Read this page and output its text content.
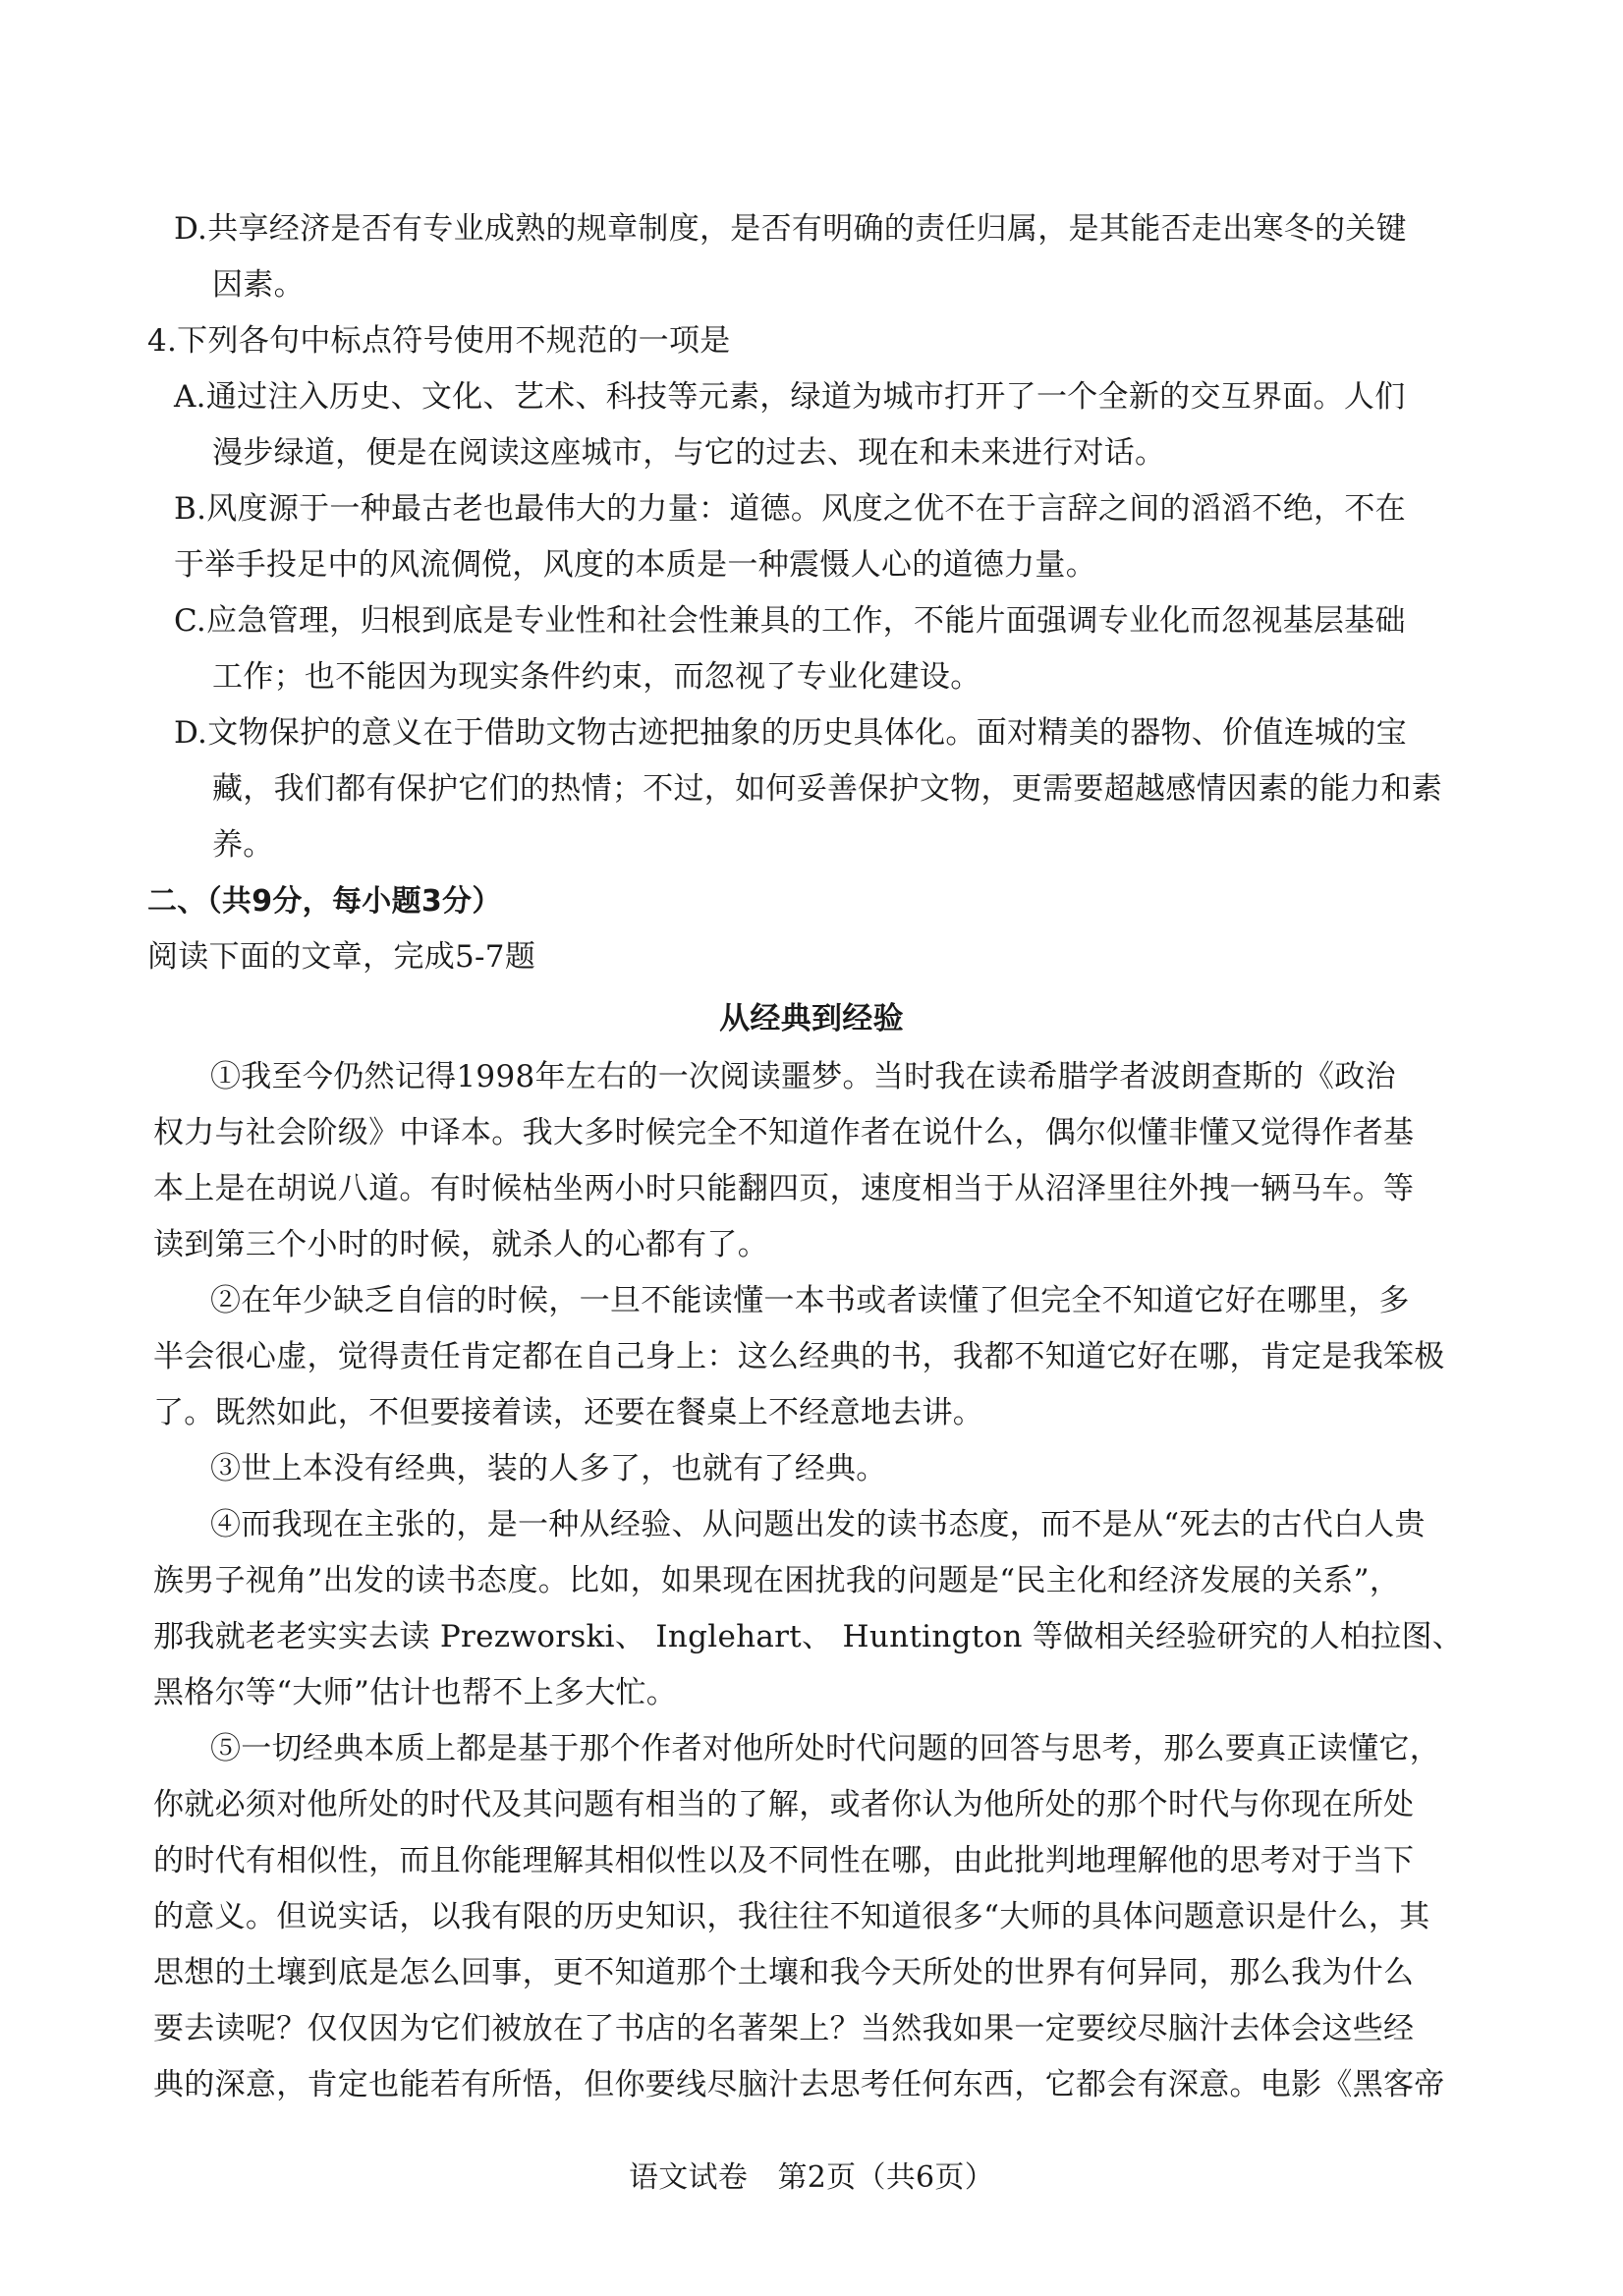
D.共享经济是否有专业成熟的规章制度，是否有明确的责任归属，是其能否走出寒冬的关键
因素。
4.下列各句中标点符号使用不规范的一项是
A.通过注入历史、文化、艺术、科技等元素，绿道为城市打开了一个全新的交互界面。人们
漫步绿道，便是在阅读这座城市，与它的过去、现在和未来进行对话。
B.风度源于一种最古老也最伟大的力量：道德。风度之优不在于言辞之间的滔滔不绝，不在
于举手投足中的风流倜傥，风度的本质是一种震慑人心的道德力量。
C.应急管理，归根到底是专业性和社会性兼具的工作，不能片面强调专业化而忽视基层基础
工作；也不能因为现实条件约束，而忽视了专业化建设。
D.文物保护的意义在于借助文物古迹把抽象的历史具体化。面对精美的器物、价值连城的宝
藏，我们都有保护它们的热情；不过，如何妥善保护文物，更需要超越感情因素的能力和素
养。
二、（共9分，每小题3分）
阅读下面的文章，完成5-7题
从经典到经验
①我至今仍然记得1998年左右的一次阅读噩梦。当时我在读希腊学者波朗查斯的《政治
权力与社会阶级》中译本。我大多时候完全不知道作者在说什么，偶尔似懂非懂又觉得作者基
本上是在胡说八道。有时候枯坐两小时只能翻四页，速度相当于从沼泽里往外拽一辆马车。等
读到第三个小时的时候，就杀人的心都有了。
②在年少缺乏自信的时候，一旦不能读懂一本书或者读懂了但完全不知道它好在哪里，多
半会很心虚，觉得责任肯定都在自己身上：这么经典的书，我都不知道它好在哪，肯定是我笨极
了。既然如此，不但要接着读，还要在餐桌上不经意地去讲。
③世上本没有经典，装的人多了，也就有了经典。
④而我现在主张的，是一种从经验、从问题出发的读书态度，而不是从“死去的古代白人贵
族男子视角”出发的读书态度。比如，如果现在困扰我的问题是“民主化和经济发展的关系”，
那我就老老实实去读 Prezworski、 Inglehart、 Huntington 等做相关经验研究的人柏拉图、
黑格尔等“大师”估计也帮不上多大忙。
⑤一切经典本质上都是基于那个作者对他所处时代问题的回答与思考，那么要真正读懂它，
你就必须对他所处的时代及其问题有相当的了解，或者你认为他所处的那个时代与你现在所处
的时代有相似性，而且你能理解其相似性以及不同性在哪，由此批判地理解他的思考对于当下
的意义。但说实话，以我有限的历史知识，我往往不知道很多“大师的具体问题意识是什么，其
思想的土壤到底是怎么回事，更不知道那个土壤和我今天所处的世界有何异同，那么我为什么
要去读呢？仅仅因为它们被放在了书店的名著架上？当然我如果一定要绞尽脑汁去体会这些经
典的深意，肯定也能若有所悟，但你要线尽脑汁去思考任何东西，它都会有深意。电影《黑客帝
语文试卷　第2页（共6页）
